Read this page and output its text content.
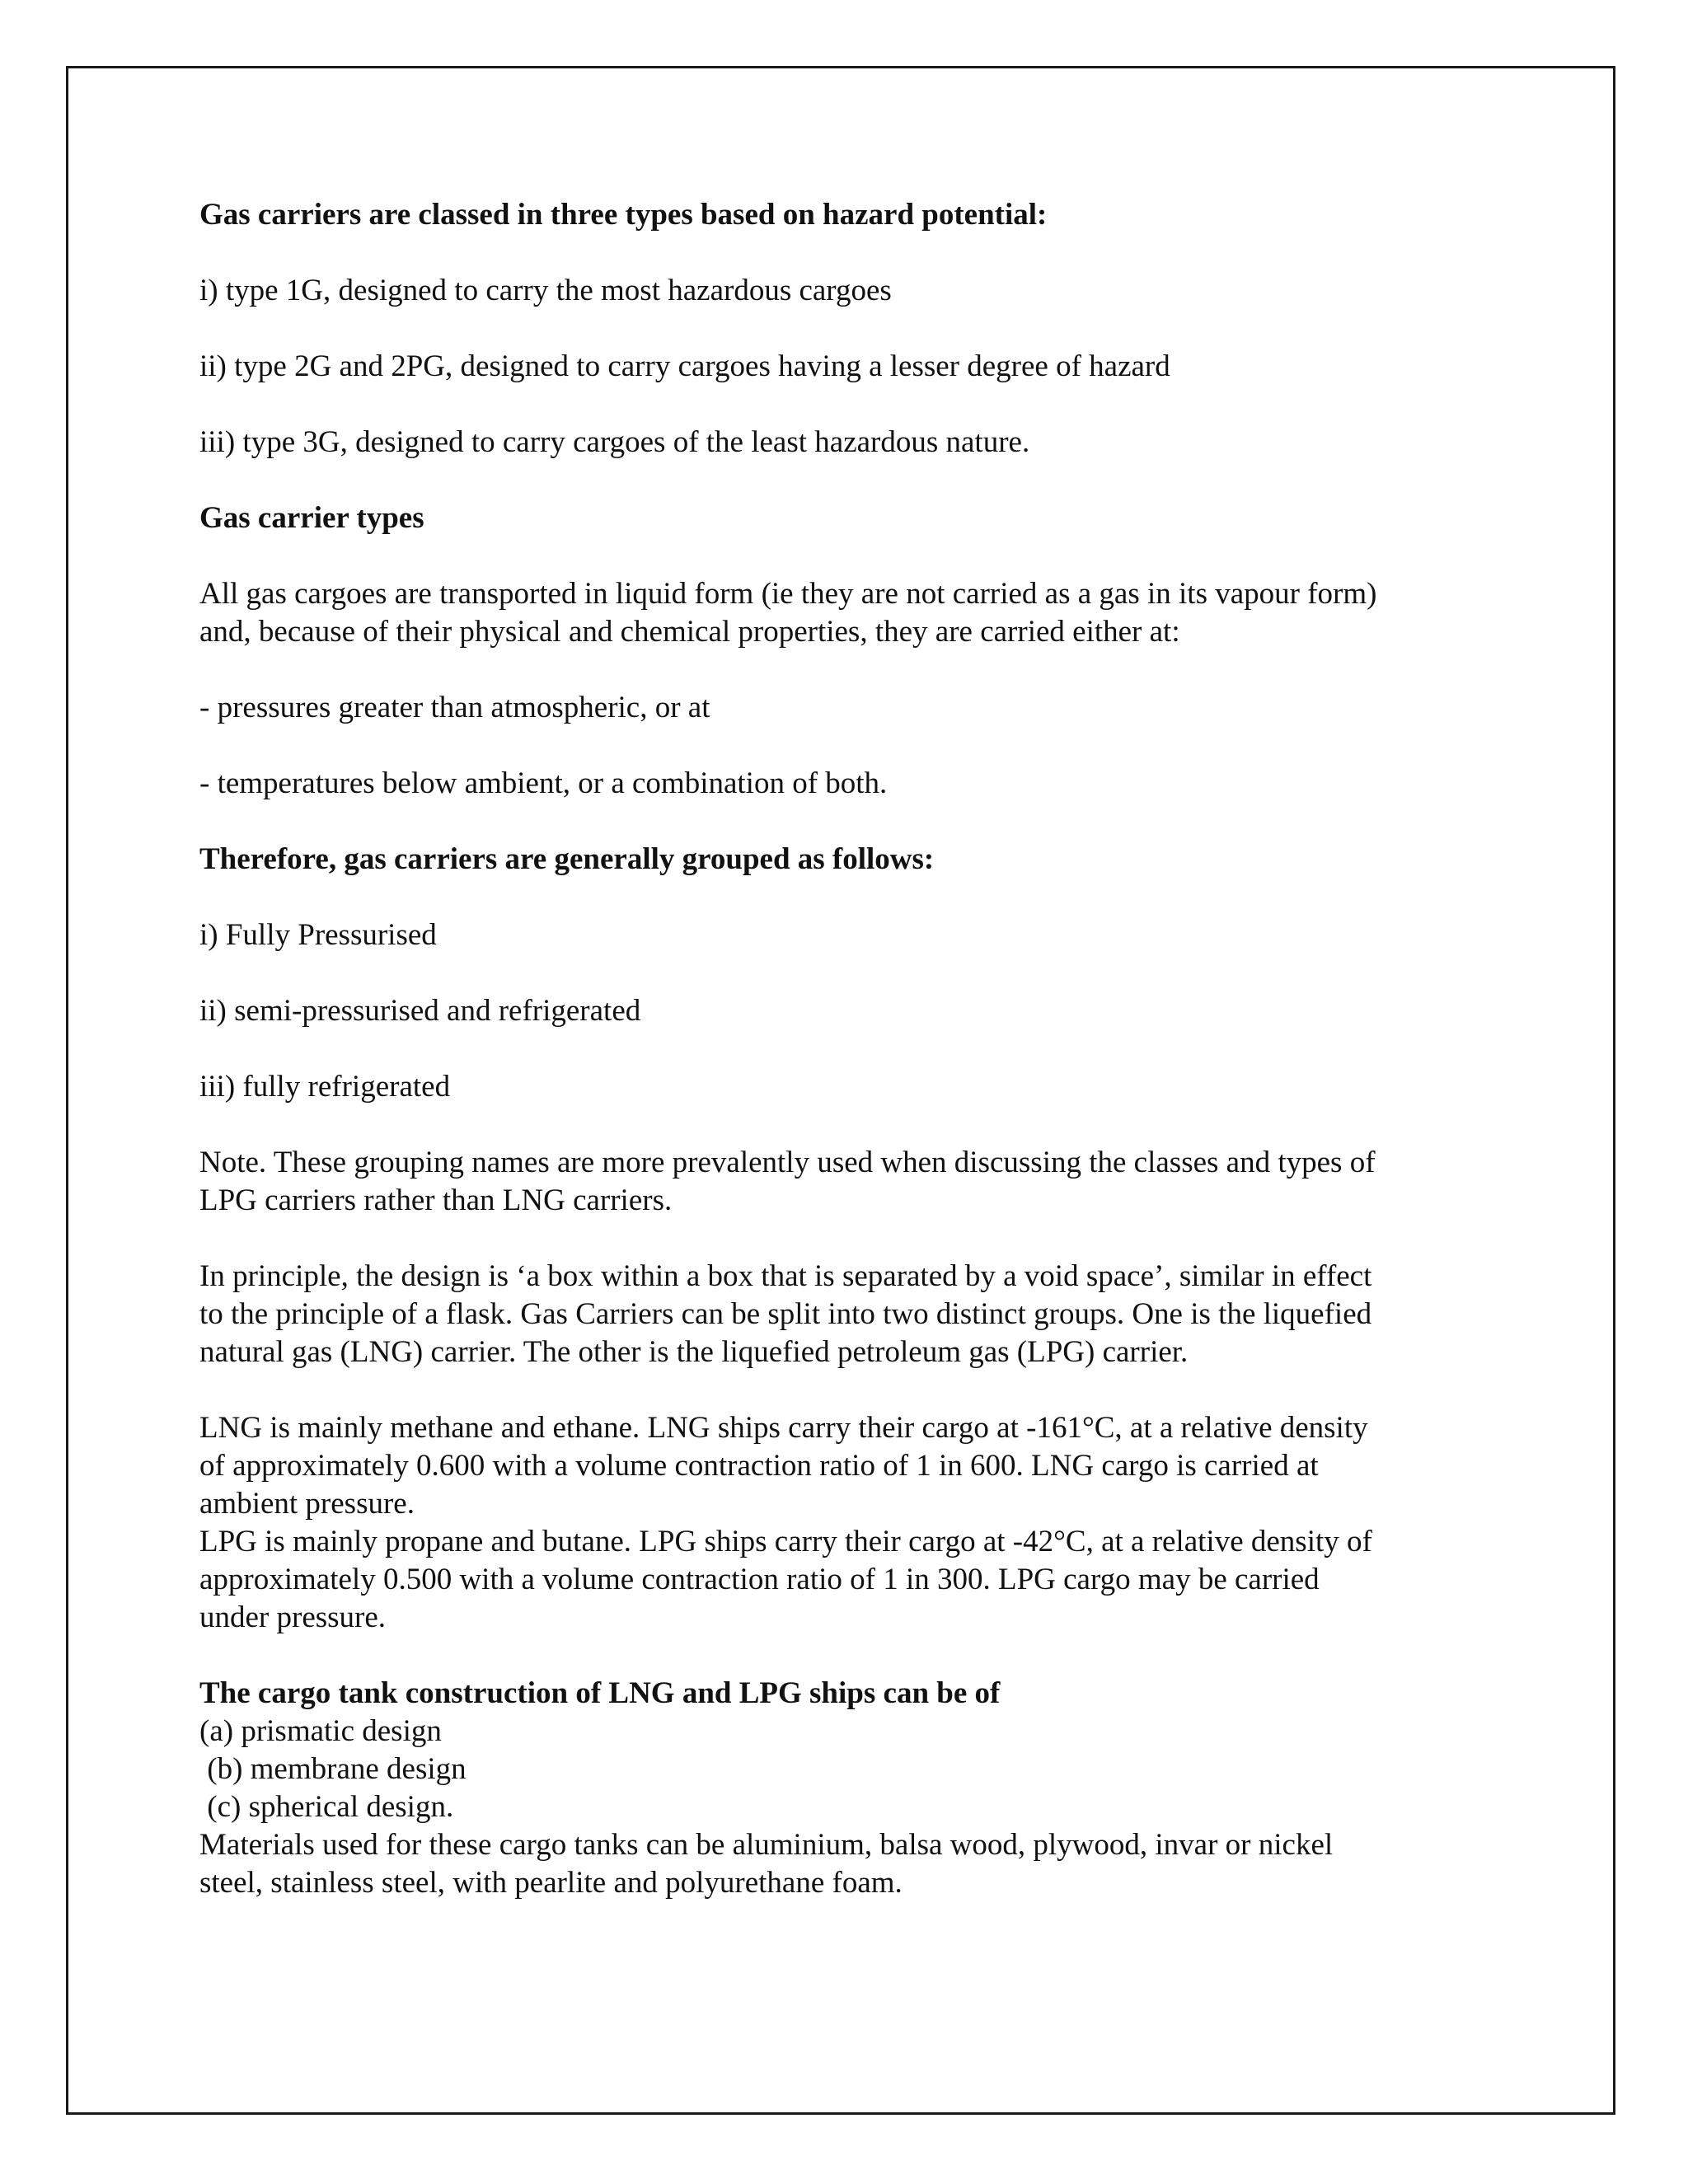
Gas carriers are classed in three types based on hazard potential:

i) type 1G, designed to carry the most hazardous cargoes

ii) type 2G and 2PG, designed to carry cargoes having a lesser degree of hazard

iii) type 3G, designed to carry cargoes of the least hazardous nature.

Gas carrier types

All gas cargoes are transported in liquid form (ie they are not carried as a gas in its vapour form)

and, because of their physical and chemical properties, they are carried either at:

- pressures greater than atmospheric, or at

- temperatures below ambient, or a combination of both.

Therefore, gas carriers are generally grouped as follows:

i) Fully Pressurised

ii) semi-pressurised and refrigerated

iii) fully refrigerated

Note. These grouping names are more prevalently used when discussing the classes and types of

LPG carriers rather than LNG carriers.

In principle, the design is ‘a box within a box that is separated by a void space’, similar in effect

to the principle of a flask. Gas Carriers can be split into two distinct groups. One is the liquefied

natural gas (LNG) carrier. The other is the liquefied petroleum gas (LPG) carrier.

LNG is mainly methane and ethane. LNG ships carry their cargo at -161°C, at a relative density

of approximately 0.600 with a volume contraction ratio of 1 in 600. LNG cargo is carried at

ambient pressure.

LPG is mainly propane and butane. LPG ships carry their cargo at -42°C, at a relative density of

approximately 0.500 with a volume contraction ratio of 1 in 300. LPG cargo may be carried

under pressure.

The cargo tank construction of LNG and LPG ships can be of

(a) prismatic design

(b) membrane design

(c) spherical design.

Materials used for these cargo tanks can be aluminium, balsa wood, plywood, invar or nickel

steel, stainless steel, with pearlite and polyurethane foam.
